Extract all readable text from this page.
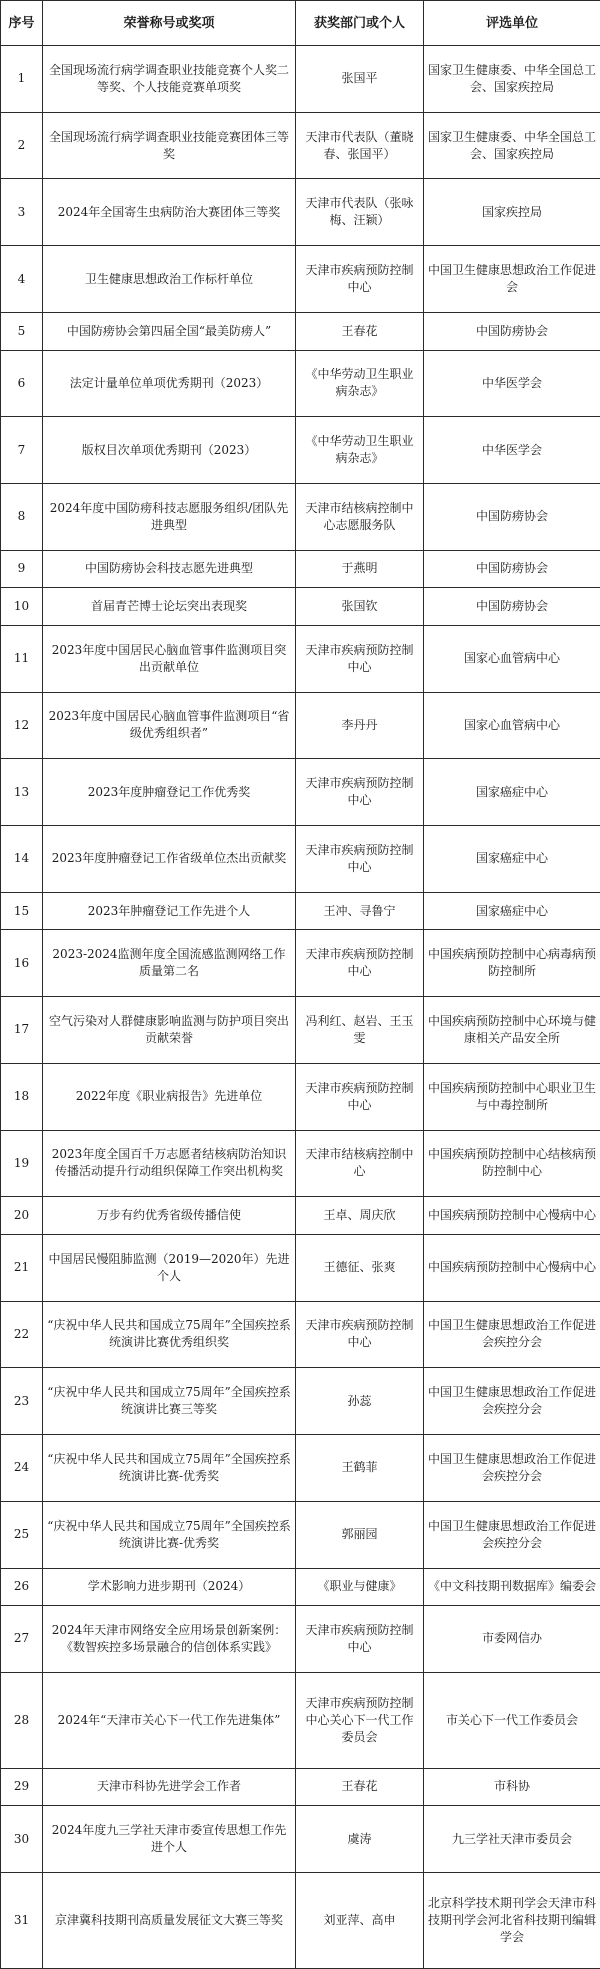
序号	荣誉称号或奖项	获奖部门或个人	评选单位
1	全国现场流行病学调查职业技能竞赛个人奖二等奖、个人技能竞赛单项奖	张国平	国家卫生健康委、中华全国总工会、国家疾控局
2	全国现场流行病学调查职业技能竞赛团体三等奖	天津市代表队（董晓春、张国平）	国家卫生健康委、中华全国总工会、国家疾控局
3	2024年全国寄生虫病防治大赛团体三等奖	天津市代表队（张咏梅、汪颖）	国家疾控局
4	卫生健康思想政治工作标杆单位	天津市疾病预防控制中心	中国卫生健康思想政治工作促进会
5	中国防痨协会第四届全国“最美防痨人”	王春花	中国防痨协会
6	法定计量单位单项优秀期刊（2023）	《中华劳动卫生职业病杂志》	中华医学会
7	版权目次单项优秀期刊（2023）	《中华劳动卫生职业病杂志》	中华医学会
8	2024年度中国防痨科技志愿服务组织/团队先进典型	天津市结核病控制中心志愿服务队	中国防痨协会
9	中国防痨协会科技志愿先进典型	于燕明	中国防痨协会
10	首届青芒博士论坛突出表现奖	张国钦	中国防痨协会
11	2023年度中国居民心脑血管事件监测项目突出贡献单位	天津市疾病预防控制中心	国家心血管病中心
12	2023年度中国居民心脑血管事件监测项目“省级优秀组织者”	李丹丹	国家心血管病中心
13	2023年度肿瘤登记工作优秀奖	天津市疾病预防控制中心	国家癌症中心
14	2023年度肿瘤登记工作省级单位杰出贡献奖	天津市疾病预防控制中心	国家癌症中心
15	2023年肿瘤登记工作先进个人	王冲、寻鲁宁	国家癌症中心
16	2023-2024监测年度全国流感监测网络工作质量第二名	天津市疾病预防控制中心	中国疾病预防控制中心病毒病预防控制所
17	空气污染对人群健康影响监测与防护项目突出贡献荣誉	冯利红、赵岩、王玉雯	中国疾病预防控制中心环境与健康相关产品安全所
18	2022年度《职业病报告》先进单位	天津市疾病预防控制中心	中国疾病预防控制中心职业卫生与中毒控制所
19	2023年度全国百千万志愿者结核病防治知识传播活动提升行动组织保障工作突出机构奖	天津市结核病控制中心	中国疾病预防控制中心结核病预防控制中心
20	万步有约优秀省级传播信使	王卓、周庆欣	中国疾病预防控制中心慢病中心
21	中国居民慢阻肺监测（2019—2020年）先进个人	王德征、张爽	中国疾病预防控制中心慢病中心
22	“庆祝中华人民共和国成立75周年”全国疾控系统演讲比赛优秀组织奖	天津市疾病预防控制中心	中国卫生健康思想政治工作促进会疾控分会
23	“庆祝中华人民共和国成立75周年”全国疾控系统演讲比赛三等奖	孙蕊	中国卫生健康思想政治工作促进会疾控分会
24	“庆祝中华人民共和国成立75周年”全国疾控系统演讲比赛-优秀奖	王鹤菲	中国卫生健康思想政治工作促进会疾控分会
25	“庆祝中华人民共和国成立75周年”全国疾控系统演讲比赛-优秀奖	郭丽园	中国卫生健康思想政治工作促进会疾控分会
26	学术影响力进步期刊（2024）	《职业与健康》	《中文科技期刊数据库》编委会
27	2024年天津市网络安全应用场景创新案例：《数智疾控多场景融合的信创体系实践》	天津市疾病预防控制中心	市委网信办
28	2024年“天津市关心下一代工作先进集体”	天津市疾病预防控制中心关心下一代工作委员会	市关心下一代工作委员会
29	天津市科协先进学会工作者	王春花	市科协
30	2024年度九三学社天津市委宣传思想工作先进个人	虞涛	九三学社天津市委员会
31	京津冀科技期刊高质量发展征文大赛三等奖	刘亚萍、高申	北京科学技术期刊学会天津市科技期刊学会河北省科技期刊编辑学会
